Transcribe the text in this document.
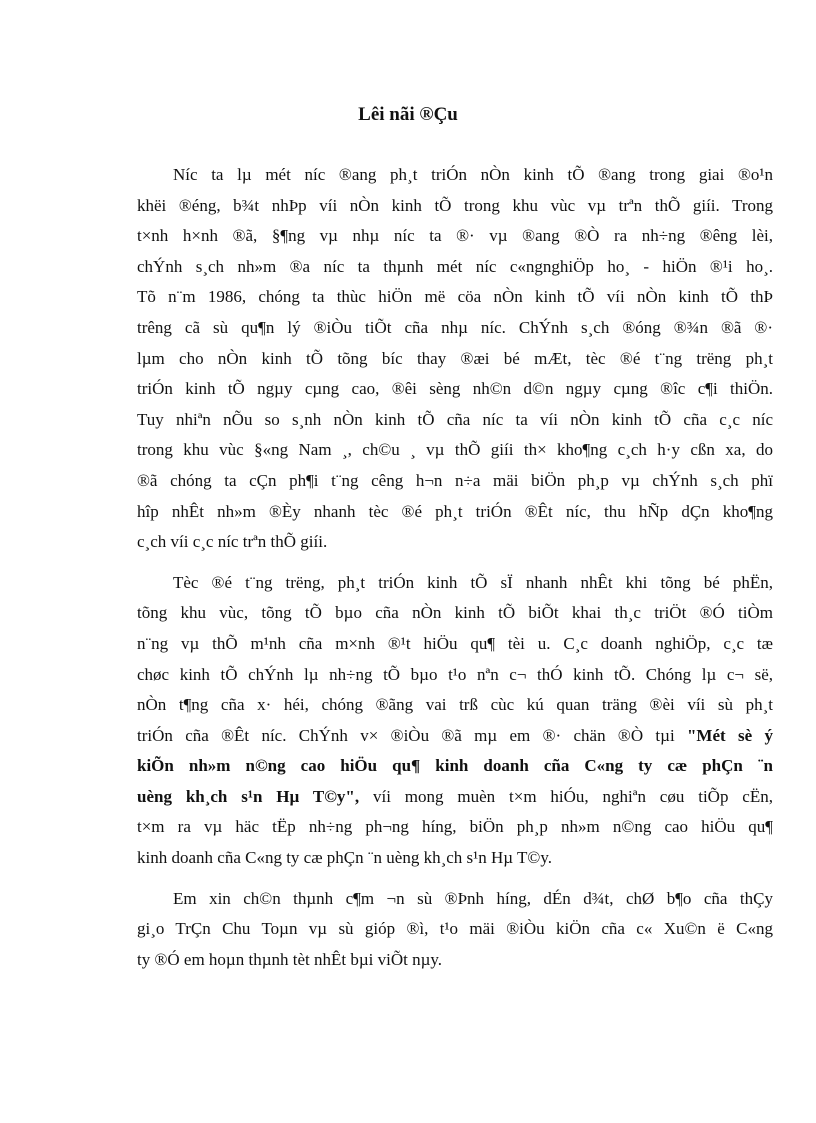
Lêi nãi ®Çu
Níc ta lµ mét níc ®ang ph¸t triÓn nÒn kinh tÕ ®ang trong giai ®o¹n
khëi ®éng, b¾t nhÞp víi nÒn kinh tÕ trong khu vùc vµ trªn thÕ giíi. Trong
t×nh h×nh ®ã, §¶ng vµ nhµ níc ta ®· vµ ®ang ®Ò ra nh÷ng ®êng lèi,
chÝnh s¸ch nh»m ®a níc ta thµnh mét níc c«ngnghiÖp ho¸ - hiÖn ®¹i ho¸.
Tõ n¨m 1986, chóng ta thùc hiÖn më cöa nÒn kinh tÕ víi nÒn kinh tÕ thÞ
trêng cã sù qu¶n lý ®iÒu tiÕt cña nhµ níc. ChÝnh s¸ch ®óng ®¾n ®ã ®·
lµm cho nÒn kinh tÕ tõng bíc thay ®æi bé mÆt, tèc ®é t¨ng trëng ph¸t
triÓn kinh tÕ ngµy cµng cao, ®êi sèng nh©n d©n ngµy cµng ®îc c¶i thiÖn.
Tuy nhiªn nÕu so s¸nh nÒn kinh tÕ cña níc ta víi nÒn kinh tÕ cña c¸c níc
trong khu vùc §«ng Nam ¸, ch©u ¸ vµ thÕ giíi th× kho¶ng c¸ch h·y cßn xa, do
®ã chóng ta cÇn ph¶i t¨ng cêng h¬n n÷a mäi biÖn ph¸p vµ chÝnh s¸ch phï
hîp nhÊt nh»m ®Èy nhanh tèc ®é ph¸t triÓn ®Êt níc, thu hÑp dÇn kho¶ng
c¸ch víi c¸c níc trªn thÕ giíi.
Tèc ®é t¨ng trëng, ph¸t triÓn kinh tÕ sÏ nhanh nhÊt khi tõng bé phËn,
tõng khu vùc, tõng tÕ bµo cña nÒn kinh tÕ biÕt khai th¸c triÖt ®Ó tiÒm
n¨ng vµ thÕ m¹nh cña m×nh ®¹t hiÖu qu¶ tèi u. C¸c doanh nghiÖp, c¸c tæ
chøc kinh tÕ chÝnh lµ nh÷ng tÕ bµo t¹o nªn c¬ thÓ kinh tÕ. Chóng lµ c¬ së,
nÒn t¶ng cña x· héi, chóng ®ãng vai trß cùc kú quan träng ®èi víi sù ph¸t
triÓn cña ®Êt níc. ChÝnh v× ®iÒu ®ã mµ em ®· chän ®Ò tµi "Mét sè ý
kiÕn nh»m n©ng cao hiÖu qu¶ kinh doanh cña C«ng ty cæ phÇn ¨n
uèng kh¸ch s¹n Hµ T©y", víi mong muèn t×m hiÓu, nghiªn cøu tiÕp cËn,
t×m ra vµ häc tËp nh÷ng ph¬ng híng, biÖn ph¸p nh»m n©ng cao hiÖu qu¶
kinh doanh cña C«ng ty cæ phÇn ¨n uèng kh¸ch s¹n Hµ T©y.
Em xin ch©n thµnh c¶m ¬n sù ®Þnh híng, dÉn d¾t, chØ b¶o cña thÇy
gi¸o TrÇn Chu Toµn vµ sù gióp ®ì, t¹o mäi ®iÒu kiÖn cña c« Xu©n ë C«ng
ty ®Ó em hoµn thµnh tèt nhÊt bµi viÕt nµy.
